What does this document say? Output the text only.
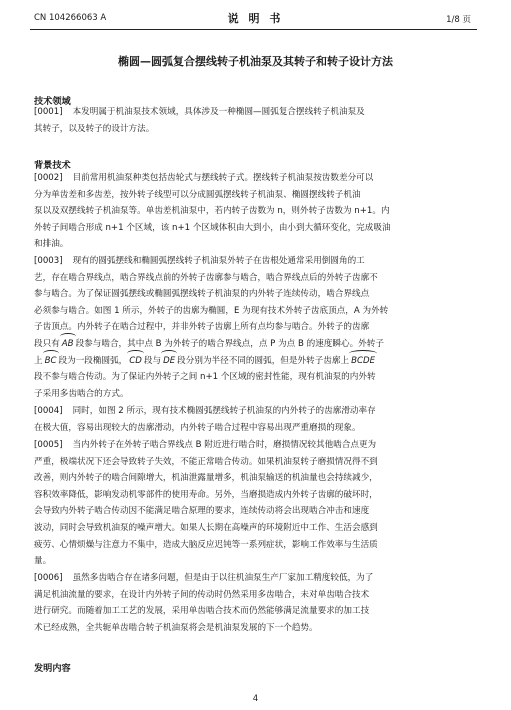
CN 104266063 A	说 明 书	1/8 页
椭圆—圆弧复合摆线转子机油泵及其转子和转子设计方法
技术领域
[0001] 本发明属于机油泵技术领域，具体涉及一种椭圆—圆弧复合摆线转子机油泵及
其转子，以及转子的设计方法。
背景技术
[0002] 目前常用机油泵种类包括齿轮式与摆线转子式。摆线转子机油泵按齿数差分可以
分为单齿差和多齿差，按外转子线型可以分成圆弧摆线转子机油泵、椭圆摆线转子机油
泵以及双摆线转子机油泵等。单齿差机油泵中，若内转子齿数为 n，则外转子齿数为 n+1。内
外转子间啮合形成 n+1 个区域，该 n+1 个区域体积由大到小，由小到大循环变化，完成吸油
和排油。
[0003] 现有的圆弧摆线和椭圆弧摆线转子机油泵外转子在齿根处通常采用倒圆角的工
艺，存在啮合界线点，啮合界线点前的外转子齿廓参与啮合，啮合界线点后的外转子齿廓不
参与啮合。为了保证圆弧摆线或椭圆弧摆线转子机油泵的内外转子连续传动，啮合界线点
必须参与啮合。如图 1 所示，外转子的齿廓为椭圆，E 为现有技术外转子齿底顶点，A 为外转
子齿顶点。内外转子在啮合过程中，并非外转子齿廓上所有点均参与啮合。外转子的齿廓
段只有 AB 段参与啮合，其中点 B 为外转子的啮合界线点，点 P 为点 B 的速度瞬心。外转子
上 BC 段为一段椭圆弧， CD 段与 DE 段分别为半径不同的圆弧，但是外转子齿廓上 BCDE
段不参与啮合传动。为了保证内外转子之间 n+1 个区域的密封性能，现有机油泵的内外转
子采用多齿啮合的方式。
[0004] 同时，如图 2 所示，现有技术椭圆弧摆线转子机油泵的内外转子的齿廓滑动率存
在极大值，容易出现较大的齿廓滑动，内外转子啮合过程中容易出现严重磨损的现象。
[0005] 当内外转子在外转子啮合界线点 B 附近进行啮合时，磨损情况较其他啮合点更为
严重，极端状况下还会导致转子失效，不能正常啮合传动。如果机油泵转子磨损情况得不到
改善，则内外转子的啮合间隙增大，机油泄露量增多，机油泵输送的机油量也会持续减少，
容积效率降低，影响发动机零部件的使用寿命。另外，当磨损造成内外转子齿廓的破坏时，
会导致内外转子啮合传动因不能满足啮合原理的要求，连续传动将会出现啮合冲击和速度
波动，同时会导致机油泵的噪声增大。如果人长期在高噪声的环境附近中工作、生活会感到
疲劳、心情烦燥与注意力不集中，造成大脑反应迟钝等一系列症状，影响工作效率与生活质
量。
[0006] 虽然多齿啮合存在诸多问题，但是由于以往机油泵生产厂家加工精度较低，为了
满足机油流量的要求，在设计内外转子间的传动时仍然采用多齿啮合，未对单齿啮合技术
进行研究。而随着加工工艺的发展，采用单齿啮合技术而仍然能够满足流量要求的加工技
术已经成熟，全共轭单齿啮合转子机油泵将会是机油泵发展的下一个趋势。
发明内容
4
